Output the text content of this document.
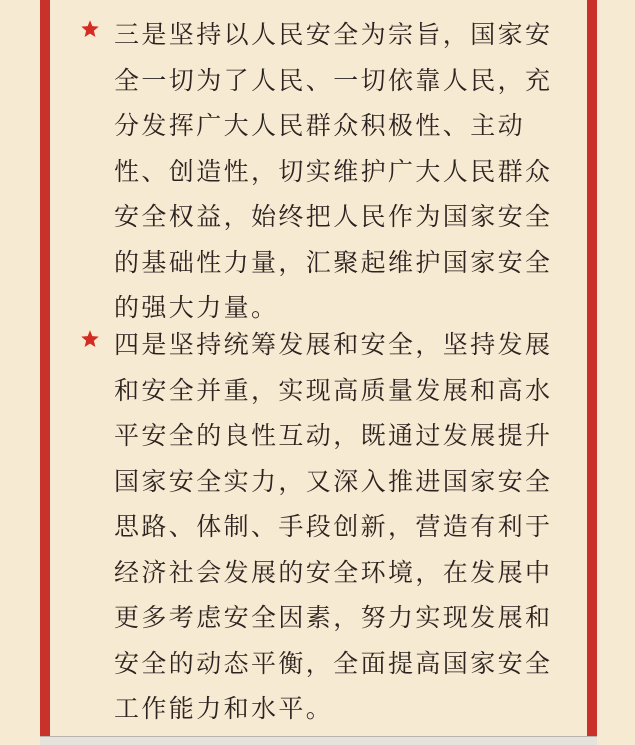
三是坚持以人民安全为宗旨，国家安全一切为了人民、一切依靠人民，充分发挥广大人民群众积极性、主动性、创造性，切实维护广大人民群众安全权益，始终把人民作为国家安全的基础性力量，汇聚起维护国家安全的强大力量。
四是坚持统筹发展和安全，坚持发展和安全并重，实现高质量发展和高水平安全的良性互动，既通过发展提升国家安全实力，又深入推进国家安全思路、体制、手段创新，营造有利于经济社会发展的安全环境，在发展中更多考虑安全因素，努力实现发展和安全的动态平衡，全面提高国家安全工作能力和水平。
